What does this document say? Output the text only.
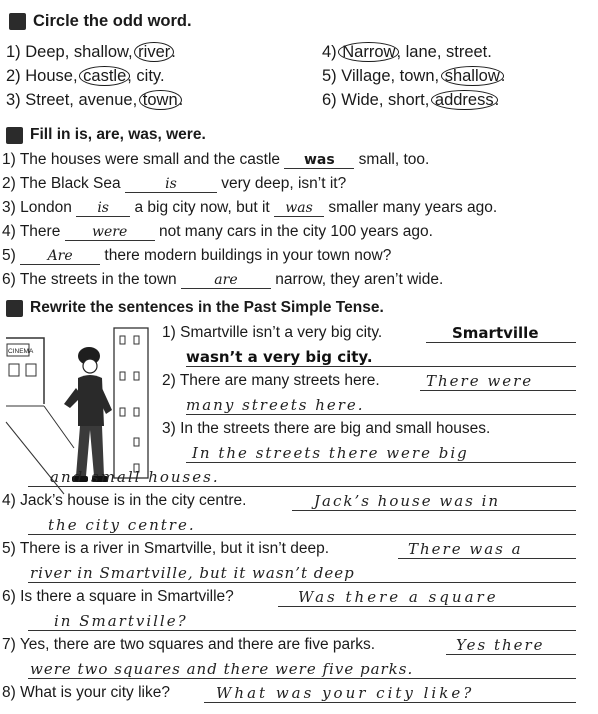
Circle the odd word.
1) Deep, shallow, river.
2) House, castle, city.
3) Street, avenue, town.
4) Narrow, lane, street.
5) Village, town, shallow.
6) Wide, short, address.
Fill in is, are, was, were.
1) The houses were small and the castle was small, too.
2) The Black Sea	is	very deep, isn’t it?
3) London is a big city now, but it was smaller many years ago.
4) There were not many cars in the city 100 years ago.
5) Are there modern buildings in your town now?
6) The streets in the town	are narrow, they aren’t wide.
Rewrite the sentences in the Past Simple Tense.
CINEMA
1) Smartville isn’t a very big city.	Smartville
wasn’t a very big city.
2) There are many streets here.	There were
many streets here.
3) In the streets there are big and small houses.
In the streets there were big
and small houses.
4) Jack’s house is in the city centre.	Jack’s house was in
the city centre.
5) There is a river in Smartville, but it isn’t deep.	There was a
river in Smartville, but it wasn’t deep
6) Is there a square in Smartville?	Was there a square
in Smartville?
7) Yes, there are two squares and there are five parks.	Yes there
were two squares and there were five parks.
8) What is your city like?	What was your city like?
